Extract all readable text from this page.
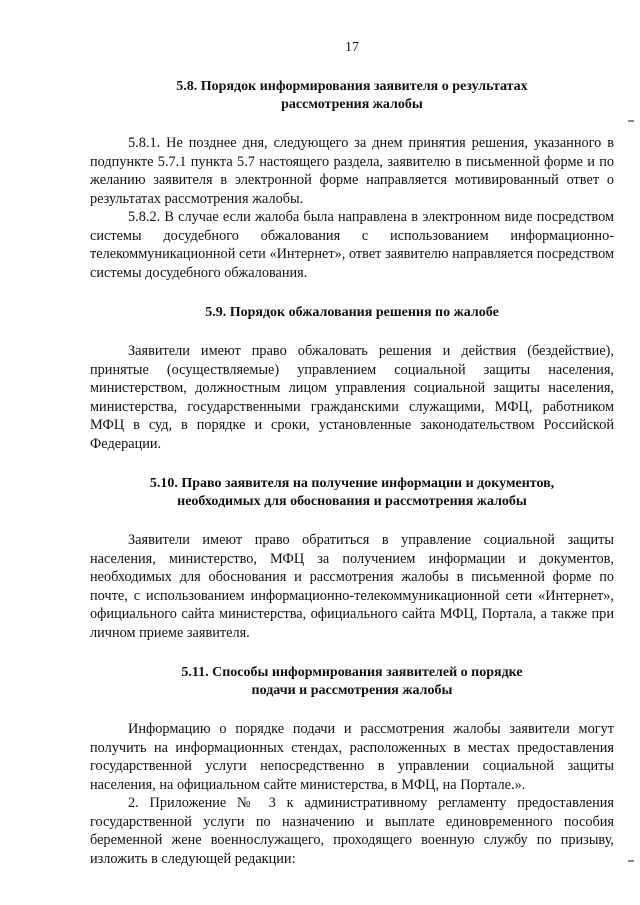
17

5.8. Порядок информирования заявителя о результатах
рассмотрения жалобы

5.8.1. Не позднее дня, следующего за днем принятия решения, указанного в подпункте 5.7.1 пункта 5.7 настоящего раздела, заявителю в письменной форме и по желанию заявителя в электронной форме направляется мотивированный ответ о результатах рассмотрения жалобы.

5.8.2. В случае если жалоба была направлена в электронном виде посредством системы досудебного обжалования с использованием информационно-телекоммуникационной сети «Интернет», ответ заявителю направляется посредством системы досудебного обжалования.

5.9. Порядок обжалования решения по жалобе

Заявители имеют право обжаловать решения и действия (бездействие), принятые (осуществляемые) управлением социальной защиты населения, министерством, должностным лицом управления социальной защиты населения, министерства, государственными гражданскими служащими, МФЦ, работником МФЦ в суд, в порядке и сроки, установленные законодательством Российской Федерации.

5.10. Право заявителя на получение информации и документов,
необходимых для обоснования и рассмотрения жалобы

Заявители имеют право обратиться в управление социальной защиты населения, министерство, МФЦ за получением информации и документов, необходимых для обоснования и рассмотрения жалобы в письменной форме по почте, с использованием информационно-телекоммуникационной сети «Интернет», официального сайта министерства, официального сайта МФЦ, Портала, а также при личном приеме заявителя.

5.11. Способы информирования заявителей о порядке
подачи и рассмотрения жалобы

Информацию о порядке подачи и рассмотрения жалобы заявители могут получить на информационных стендах, расположенных в местах предоставления государственной услуги непосредственно в управлении социальной защиты населения, на официальном сайте министерства, в МФЦ, на Портале.».

2. Приложение № 3 к административному регламенту предоставления государственной услуги по назначению и выплате единовременного пособия беременной жене военнослужащего, проходящего военную службу по призыву, изложить в следующей редакции:
